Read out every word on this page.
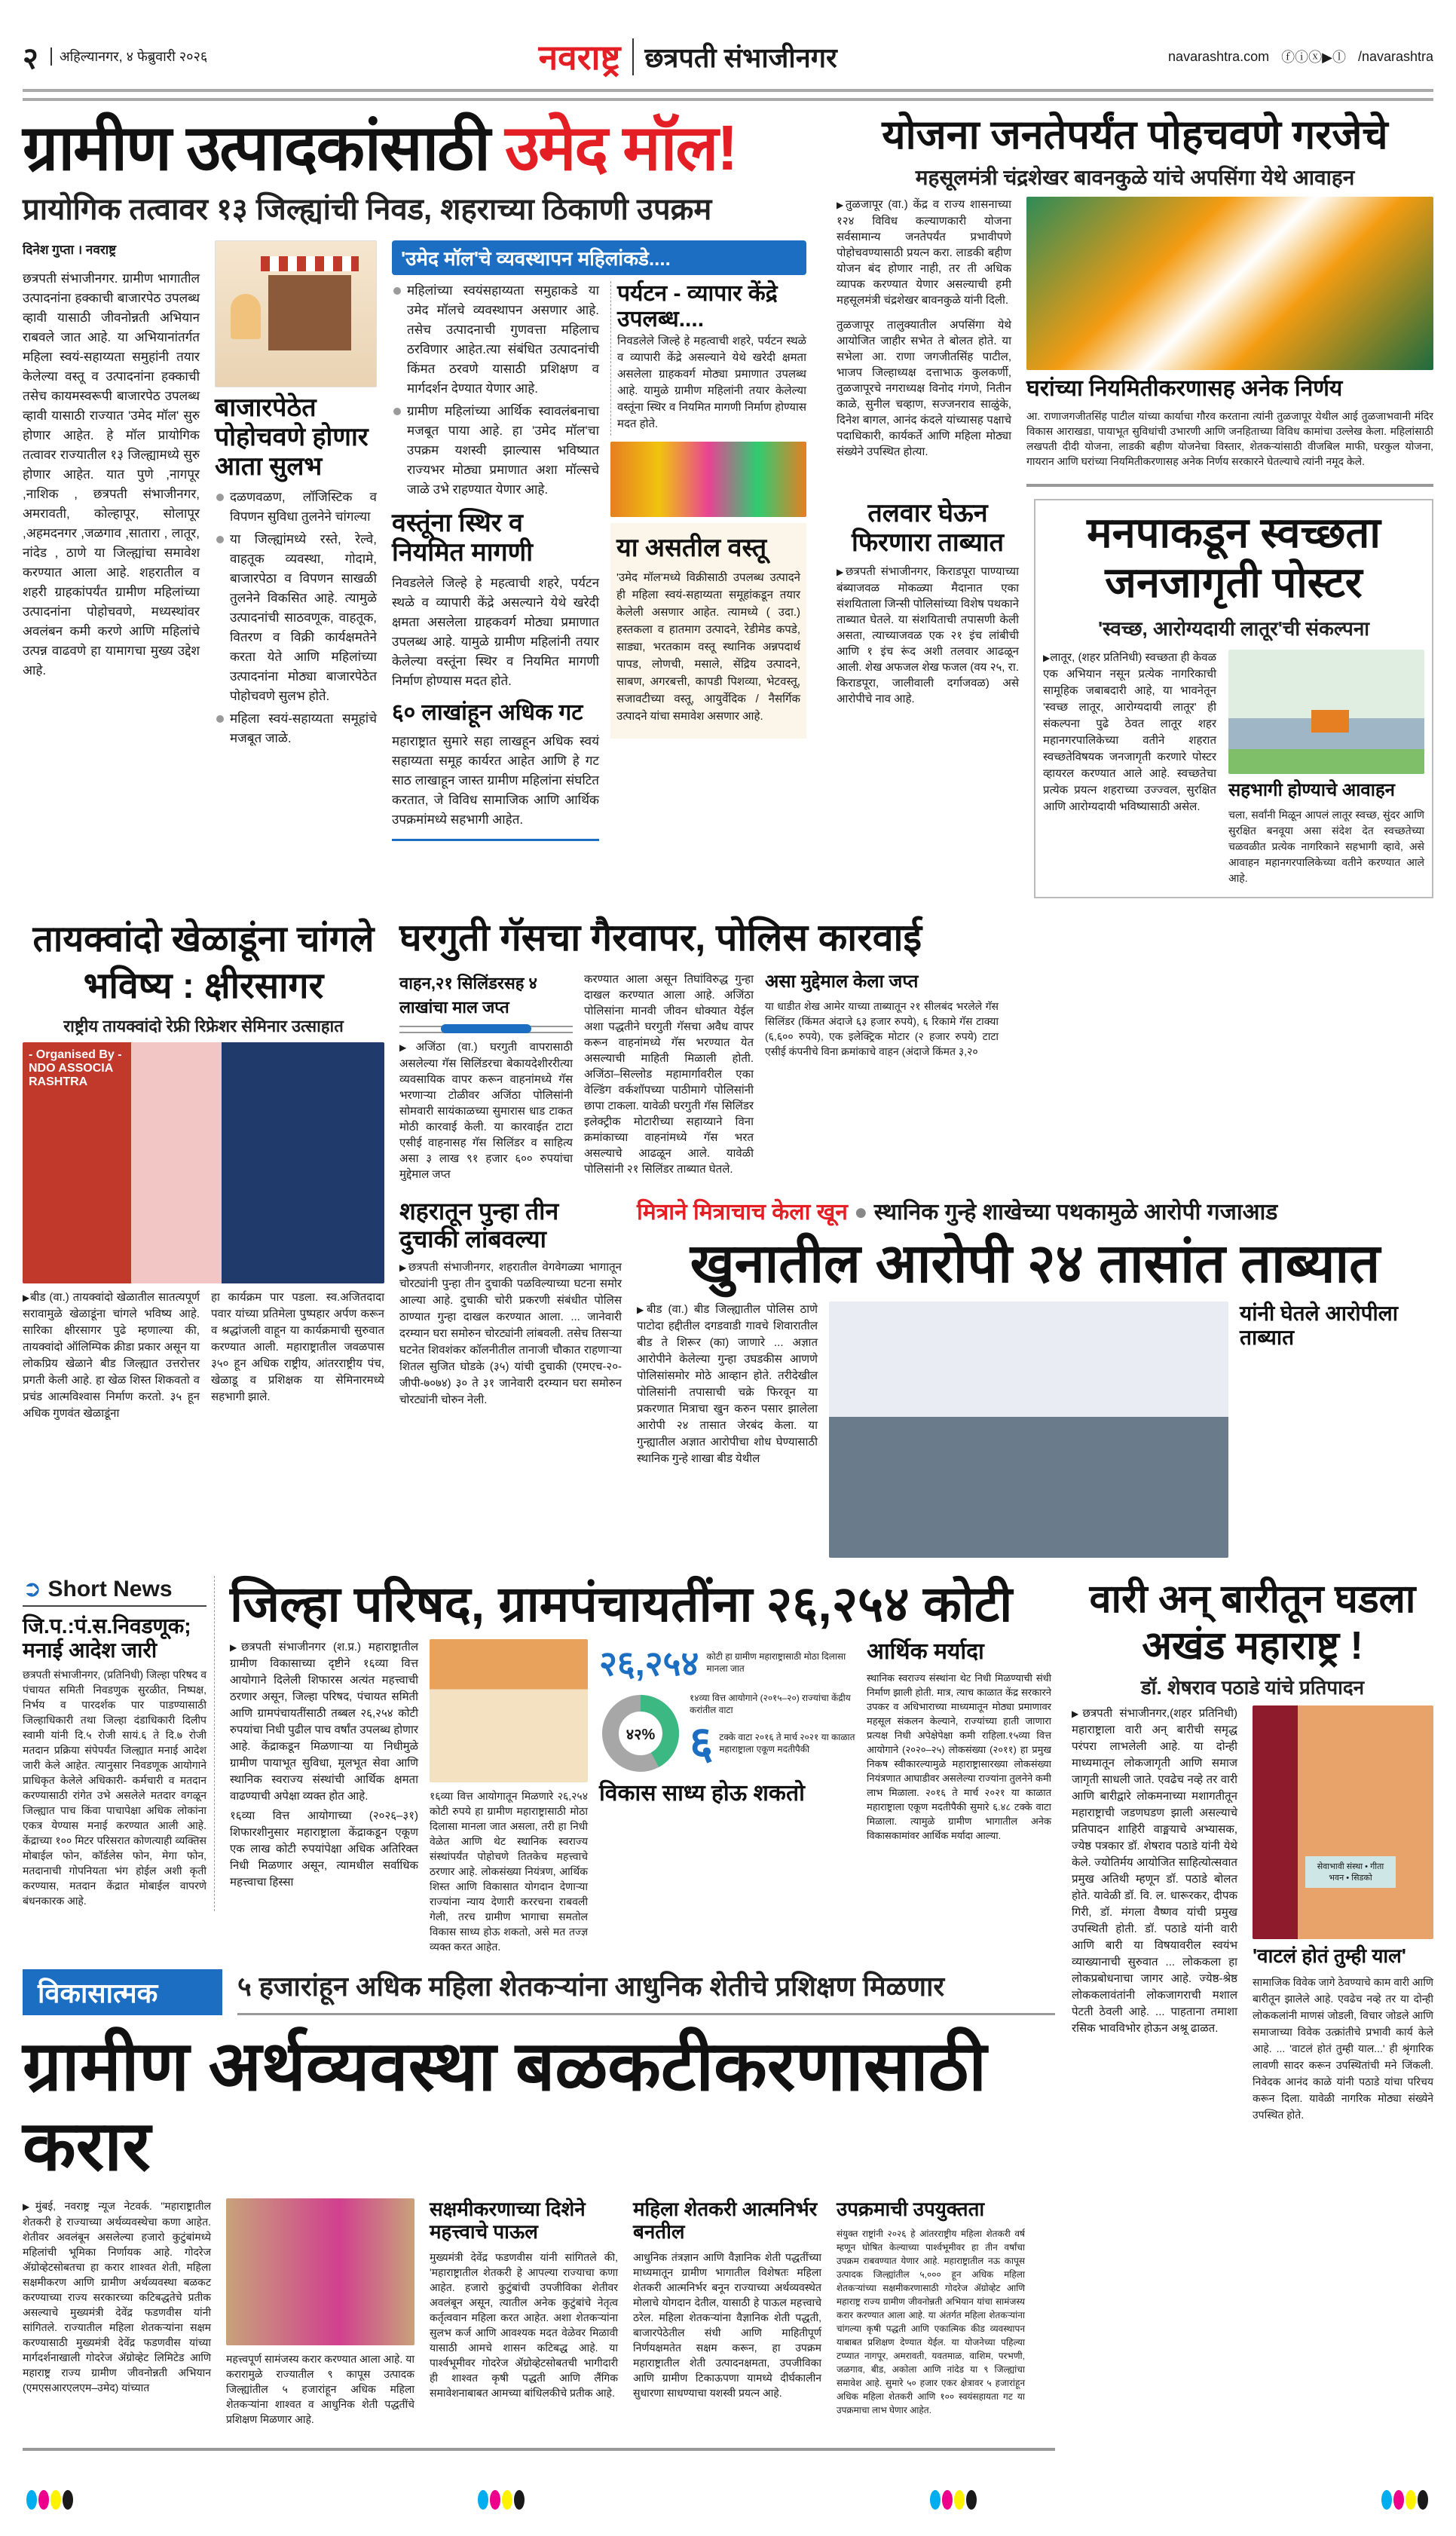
२	अहिल्यानगर, ४ फेब्रुवारी २०२६	नवराष्ट्र छत्रपती संभाजीनगर	navarashtra.com ⓕⓘⓧ▶ⓛ /navarashtra
ग्रामीण उत्पादकांसाठी उमेद मॉल!
प्रायोगिक तत्वावर १३ जिल्ह्यांची निवड, शहराच्या ठिकाणी उपक्रम

दिनेश गुप्ता । नवराष्ट्र

छत्रपती संभाजीनगर. ग्रामीण भागातील उत्पादनांना हक्काची बाजारपेठ उपलब्ध व्हावी यासाठी जीवनोन्नती अभियान राबवले जात आहे. या अभियानांतर्गत महिला स्वयं-सहाय्यता समुहांनी तयार केलेल्या वस्तू व उत्पादनांना हक्काची तसेच कायमस्वरूपी बाजारपेठ उपलब्ध व्हावी यासाठी राज्यात 'उमेद मॉल' सुरु होणार आहेत. हे मॉल प्रायोगिक तत्वावर राज्यातील १३ जिल्ह्यामध्ये सुरु होणार आहेत. यात पुणे ,नागपूर ,नाशिक , छत्रपती संभाजीनगर, अमरावती, कोल्हापूर, सोलापूर ,अहमदनगर ,जळगाव ,सातारा , लातूर, नांदेड , ठाणे या जिल्ह्यांचा समावेश करण्यात आला आहे. शहरातील व शहरी ग्राहकांपर्यंत ग्रामीण महिलांच्या उत्पादनांना पोहोचवणे, मध्यस्थांवर अवलंबन कमी करणे आणि महिलांचे उत्पन्न वाढवणे हा यामागचा मुख्य उद्देश आहे.

बाजारपेठेत पोहोचवणे होणार आता सुलभ

दळणवळण, लॉजिस्टिक व विपणन सुविधा तुलनेने चांगल्या

या जिल्ह्यांमध्ये रस्ते, रेल्वे, वाहतूक व्यवस्था, गोदामे, बाजारपेठा व विपणन साखळी तुलनेने विकसित आहे. त्यामुळे उत्पादनांची साठवणूक, वाहतूक, वितरण व विक्री कार्यक्षमतेने करता येते आणि महिलांच्या उत्पादनांना मोठ्या बाजारपेठेत पोहोचवणे सुलभ होते.

महिला स्वयं-सहाय्यता समूहांचे मजबूत जाळे.

'उमेद मॉल'चे व्यवस्थापन महिलांकडे....

महिलांच्या स्वयंसहाय्यता समुहाकडे या उमेद मॉलचे व्यवस्थापन असणार आहे. तसेच उत्पादनाची गुणवत्ता महिलाच ठरविणार आहेत.त्या संबंधित उत्पादनांची किंमत ठरवणे यासाठी प्रशिक्षण व मार्गदर्शन देण्यात येणार आहे.

ग्रामीण महिलांच्या आर्थिक स्वावलंबनाचा मजबूत पाया आहे. हा 'उमेद मॉल'चा उपक्रम यशस्वी झाल्यास भविष्यात राज्यभर मोठ्या प्रमाणात अशा मॉल्सचे जाळे उभे राहण्यात येणार आहे.

वस्तूंना स्थिर व नियमित मागणी

निवडलेले जिल्हे हे महत्वाची शहरे, पर्यटन स्थळे व व्यापारी केंद्रे असल्याने येथे खरेदी क्षमता असलेला ग्राहकवर्ग मोठ्या प्रमाणात उपलब्ध आहे. यामुळे ग्रामीण महिलांनी तयार केलेल्या वस्तूंना स्थिर व नियमित मागणी निर्माण होण्यास मदत होते.

६० लाखांहून अधिक गट

महाराष्ट्रात सुमारे सहा लाखहून अधिक स्वयं सहाय्यता समूह कार्यरत आहेत आणि हे गट साठ लाखाहून जास्त ग्रामीण महिलांना संघटित करतात, जे विविध सामाजिक आणि आर्थिक उपक्रमांमध्ये सहभागी आहेत.

पर्यटन - व्यापार केंद्रे उपलब्ध....

निवडलेले जिल्हे हे महत्वाची शहरे, पर्यटन स्थळे व व्यापारी केंद्रे असल्याने येथे खरेदी क्षमता असलेला ग्राहकवर्ग मोठ्या प्रमाणात उपलब्ध आहे. यामुळे ग्रामीण महिलांनी तयार केलेल्या वस्तूंना स्थिर व नियमित मागणी निर्माण होण्यास मदत होते.

या असतील वस्तू

'उमेद मॉल'मध्ये विक्रीसाठी उपलब्ध उत्पादने ही महिला स्वयं-सहाय्यता समूहांकडून तयार केलेली असणार आहेत. त्यामध्ये ( उदा.) हस्तकला व हातमाग उत्पादने, रेडीमेड कपडे, साड्या, भरतकाम वस्तू स्थानिक अन्नपदार्थ पापड, लोणची, मसाले, सेंद्रिय उत्पादने, साबण, अगरबत्ती, कापडी पिशव्या, भेटवस्तू, सजावटीच्या वस्तू, आयुर्वेदिक / नैसर्गिक उत्पादने यांचा समावेश असणार आहे.

योजना जनतेपर्यंत पोहचवणे गरजेचे
महसूलमंत्री चंद्रशेखर बावनकुळे यांचे अपसिंगा येथे आवाहन

▶ तुळजापूर (वा.) केंद्र व राज्य शासनाच्या १२४ विविध कल्याणकारी योजना सर्वसामान्य जनतेपर्यंत प्रभावीपणे पोहोचवण्यासाठी प्रयत्न करा. लाडकी बहीण योजन बंद होणार नाही, तर ती अधिक व्यापक करण्यात येणार असल्याची हमी महसूलमंत्री चंद्रशेखर बावनकुळे यांनी दिली.

तुळजापूर तालुक्यातील अपसिंगा येथे आयोजित जाहीर सभेत ते बोलत होते. या सभेला आ. राणा जगजीतसिंह पाटील, भाजप जिल्हाध्यक्ष दत्ताभाऊ कुलकर्णी, तुळजापूरचे नगराध्यक्ष विनोद गंगणे, नितीन काळे, सुनील चव्हाण, सज्जनराव साळुंके, दिनेश बागल, आनंद कंदले यांच्यासह पक्षाचे पदाधिकारी, कार्यकर्ते आणि महिला मोठ्या संख्येने उपस्थित होत्या.

घरांच्या नियमितीकरणासह अनेक निर्णय

आ. राणाजगजीतसिंह पाटील यांच्या कार्याचा गौरव करताना त्यांनी तुळजापूर येथील आई तुळजाभवानी मंदिर विकास आराखडा, पायाभूत सुविधांची उभारणी आणि जनहिताच्या विविध कामांचा उल्लेख केला. महिलांसाठी लखपती दीदी योजना, लाडकी बहीण योजनेचा विस्तार, शेतकऱ्यांसाठी वीजबिल माफी, घरकुल योजना, गायरान आणि घरांच्या नियमितीकरणासह अनेक निर्णय सरकारने घेतल्याचे त्यांनी नमूद केले.

तलवार घेऊन फिरणारा ताब्यात

▶ छत्रपती संभाजीनगर, किराडपूरा पाण्याच्या बंब्याजवळ मोकळ्या मैदानात एका संशयिताला जिन्सी पोलिसांच्या विशेष पथकाने ताब्यात घेतले. या संशयिताची तपासणी केली असता, त्याच्याजवळ एक २१ इंच लांबीची आणि १ इंच रूंद अशी तलवार आढळून आली. शेख अफजल शेख फजल (वय २५, रा. किराडपूरा, जालीवाली दर्गाजवळ) असे आरोपीचे नाव आहे.

मनपाकडून स्वच्छता जनजागृती पोस्टर
'स्वच्छ, आरोग्यदायी लातूर'ची संकल्पना

▶ लातूर, (शहर प्रतिनिधी) स्वच्छता ही केवळ एक अभियान नसून प्रत्येक नागरिकाची सामूहिक जबाबदारी आहे, या भावनेतून 'स्वच्छ लातूर, आरोग्यदायी लातूर' ही संकल्पना पुढे ठेवत लातूर शहर महानगरपालिकेच्या वतीने शहरात स्वच्छतेविषयक जनजागृती करणारे पोस्टर व्हायरल करण्यात आले आहे. स्वच्छतेचा प्रत्येक प्रयत्न शहराच्या उज्ज्वल, सुरक्षित आणि आरोग्यदायी भविष्यासाठी असेल.

सहभागी होण्याचे आवाहन

चला, सर्वांनी मिळून आपलं लातूर स्वच्छ, सुंदर आणि सुरक्षित बनवूया असा संदेश देत स्वच्छतेच्या चळवळीत प्रत्येक नागरिकाने सहभागी व्हावे, असे आवाहन महानगरपालिकेच्या वतीने करण्यात आले आहे.

तायक्वांदो खेळाडूंना चांगले भविष्य : क्षीरसागर
राष्ट्रीय तायक्वांदो रेफ्री रिफ्रेशर सेमिनार उत्साहात
- Organised By - NDO ASSOCIA RASHTRA

▶ बीड (वा.) तायक्वांदो खेळातील सातत्यपूर्ण सरावामुळे खेळाडूंना चांगले भविष्य आहे. सारिका क्षीरसागर पुढे म्हणाल्या की, तायक्वांदो ऑलिम्पिक क्रीडा प्रकार असून या लोकप्रिय खेळाने बीड जिल्ह्यात उत्तरोत्तर प्रगती केली आहे. हा खेळ शिस्त शिकवतो व प्रचंड आत्मविश्वास निर्माण करतो. ३५ हून अधिक गुणवंत खेळाडूंना

हा कार्यक्रम पार पडला. स्व.अजितदादा पवार यांच्या प्रतिमेला पुष्पहार अर्पण करून व श्रद्धांजली वाहून या कार्यक्रमाची सुरुवात करण्यात आली. महाराष्ट्रातील जवळपास ३५० हून अधिक राष्ट्रीय, आंतरराष्ट्रीय पंच, खेळाडू व प्रशिक्षक या सेमिनारमध्ये सहभागी झाले.

घरगुती गॅसचा गैरवापर, पोलिस कारवाई
वाहन,२१ सिलिंडरसह ४ लाखांचा माल जप्त

▶ अजिंठा (वा.) घरगुती वापरासाठी असलेल्या गॅस सिलिंडरचा बेकायदेशीररीत्या व्यवसायिक वापर करून वाहनांमध्ये गॅस भरणाऱ्या टोळीवर अजिंठा पोलिसांनी सोमवारी सायंकाळच्या सुमारास धाड टाकत मोठी कारवाई केली. या कारवाईत टाटा एसीई वाहनासह गॅस सिलिंडर व साहित्य असा ३ लाख ९१ हजार ६०० रुपयांचा मुद्देमाल जप्त

करण्यात आला असून तिघांविरुद्ध गुन्हा दाखल करण्यात आला आहे. अजिंठा पोलिसांना मानवी जीवन धोक्यात येईल अशा पद्धतीने घरगुती गॅसचा अवैध वापर करून वाहनांमध्ये गॅस भरण्यात येत असल्याची माहिती मिळाली होती. अजिंठा–सिल्लोड महामार्गावरील एका वेल्डिंग वर्कशॉपच्या पाठीमागे पोलिसांनी छापा टाकला. यावेळी घरगुती गॅस सिलिंडर इलेक्ट्रीक मोटारीच्या सहाय्याने विना क्रमांकाच्या वाहनांमध्ये गॅस भरत असल्याचे आढळून आले. यावेळी पोलिसांनी २१ सिलिंडर ताब्यात घेतले.

असा मुद्देमाल केला जप्त

या धाडीत शेख आमेर याच्या ताब्यातून २१ सीलबंद भरलेले गॅस सिलिंडर (किंमत अंदाजे ६३ हजार रुपये), ६ रिकामे गॅस टाक्या (६,६०० रुपये), एक इलेक्ट्रिक मोटार (२ हजार रुपये) टाटा एसीई कंपनीचे विना क्रमांकाचे वाहन (अंदाजे किंमत ३,२०

शहरातून पुन्हा तीन दुचाकी लांबवल्या

▶ छत्रपती संभाजीनगर, शहरातील वेगवेगळ्या भागातून चोरट्यांनी पुन्हा तीन दुचाकी पळविल्याच्या घटना समोर आल्या आहे. दुचाकी चोरी प्रकरणी संबंधीत पोलिस ठाण्यात गुन्हा दाखल करण्यात आला. ... जानेवारी दरम्यान घरा समोरुन चोरट्यांनी लांबवली. तसेच तिसऱ्या घटनेत शिवशंकर कॉलनीतील तानाजी चौकात राहणाऱ्या शितल सुजित घोडके (३५) यांची दुचाकी (एमएच-२०-जीपी-७०७४) ३० ते ३१ जानेवारी दरम्यान घरा समोरुन चोरट्यांनी चोरुन नेली.

मित्राने मित्राचाच केला खून ● स्थानिक गुन्हे शाखेच्या पथकामुळे आरोपी गजाआड
खुनातील आरोपी २४ तासांत ताब्यात

▶ बीड (वा.) बीड जिल्ह्यातील पोलिस ठाणे पाटोदा हद्दीतील दगडवाडी गावचे शिवारातील बीड ते शिरूर (का) जाणारे ... अज्ञात आरोपीने केलेल्या गुन्हा उघडकीस आणणे पोलिसांसमोर मोठे आव्हान होते. तरीदेखील पोलिसांनी तपासाची चक्रे फिरवून या प्रकरणात मित्राचा खुन करुन पसार झालेला आरोपी २४ तासात जेरबंद केला. या गुन्ह्यातील अज्ञात आरोपीचा शोध घेण्यासाठी स्थानिक गुन्हे शाखा बीड येथील

यांनी घेतले आरोपीला ताब्यात
➲ Short News
जि.प.:पं.स.निवडणूक; मनाई आदेश जारी

छत्रपती संभाजीनगर, (प्रतिनिधी) जिल्हा परिषद व पंचायत समिती निवडणुक सुरळीत, निष्पक्ष, निर्भय व पारदर्शक पार पाडण्यासाठी जिल्हाधिकारी तथा जिल्हा दंडाधिकारी दिलीप स्वामी यांनी दि.५ रोजी सायं.६ ते दि.७ रोजी मतदान प्रक्रिया संपेपर्यंत जिल्ह्यात मनाई आदेश जारी केले आहेत. त्यानुसार निवडणूक आयोगाने प्राधिकृत केलेले अधिकारी- कर्मचारी व मतदान करण्यासाठी रांगेत उभे असलेले मतदार वगळून जिल्ह्यात पाच किंवा पाचापेक्षा अधिक लोकांना एकत्र येण्यास मनाई करण्यात आली आहे. केंद्राच्या १०० मिटर परिसरात कोणत्याही व्यक्तिस मोबाईल फोन, कॉर्डलेस फोन, मेगा फोन, मतदानाची गोपनियता भंग होईल अशी कृती करण्यास, मतदान केंद्रात मोबाईल वापरणे बंधनकारक आहे.

जिल्हा परिषद, ग्रामपंचायतींना २६,२५४ कोटी

▶ छत्रपती संभाजीनगर (श.प्र.) महाराष्ट्रातील ग्रामीण विकासाच्या दृष्टीने १६व्या वित्त आयोगाने दिलेली शिफारस अत्यंत महत्त्वाची ठरणार असून, जिल्हा परिषद, पंचायत समिती आणि ग्रामपंचायतींसाठी तब्बल २६,२५४ कोटी रुपयांचा निधी पुढील पाच वर्षांत उपलब्ध होणार आहे. केंद्राकडून मिळणाऱ्या या निधीमुळे ग्रामीण पायाभूत सुविधा, मूलभूत सेवा आणि स्थानिक स्वराज्य संस्थांची आर्थिक क्षमता वाढण्याची अपेक्षा व्यक्त होत आहे.

१६व्या वित्त आयोगाच्या (२०२६–३१) शिफारशीनुसार महाराष्ट्राला केंद्राकडून एकूण एक लाख कोटी रुपयांपेक्षा अधिक अतिरिक्त निधी मिळणार असून, त्यामधील सर्वाधिक महत्त्वाचा हिस्सा

१६व्या वित्त आयोगातून मिळणारे २६,२५४ कोटी रुपये हा ग्रामीण महाराष्ट्रासाठी मोठा दिलासा मानला जात असला, तरी हा निधी वेळेत आणि थेट स्थानिक स्वराज्य संस्थांपर्यंत पोहोचणे तितकेच महत्त्वाचे ठरणार आहे. लोकसंख्या नियंत्रण, आर्थिक शिस्त आणि विकासात योगदान देणाऱ्या राज्यांना न्याय देणारी कररचना राबवली गेली, तरच ग्रामीण भागाचा समतोल विकास साध्य होऊ शकतो, असे मत तज्ज्ञ व्यक्त करत आहेत.

२६,२५४ कोटी हा ग्रामीण महाराष्ट्रासाठी मोठा दिलासा मानला जात
४२%
१४व्या वित्त आयोगाने (२०१५–२०) राज्यांचा केंद्रीय करांतील वाटा
६ टक्के वाटा २०१६ ते मार्च २०२१ या काळात महाराष्ट्राला एकूण मदतीपैकी
विकास साध्य होऊ शकतो
आर्थिक मर्यादा

स्थानिक स्वराज्य संस्थांना थेट निधी मिळण्याची संधी निर्माण झाली होती. मात्र, त्याच काळात केंद्र सरकारने उपकर व अधिभाराच्या माध्यमातून मोठ्या प्रमाणावर महसूल संकलन केल्याने, राज्यांच्या हाती जाणारा प्रत्यक्ष निधी अपेक्षेपेक्षा कमी राहिला.१५व्या वित्त आयोगाने (२०२०–२५) लोकसंख्या (२०११) हा प्रमुख निकष स्वीकारल्यामुळे महाराष्ट्रासारख्या लोकसंख्या नियंत्रणात आघाडीवर असलेल्या राज्यांना तुलनेने कमी लाभ मिळाला. २०१६ ते मार्च २०२१ या काळात महाराष्ट्राला एकूण मदतीपैकी सुमारे ६.४८ टक्के वाटा मिळाला. त्यामुळे ग्रामीण भागातील अनेक विकासकामांवर आर्थिक मर्यादा आल्या.

विकासात्मक	५ हजारांहून अधिक महिला शेतकऱ्यांना आधुनिक शेतीचे प्रशिक्षण मिळणार
ग्रामीण अर्थव्यवस्था बळकटीकरणासाठी करार

▶ मुंबई, नवराष्ट्र न्यूज नेटवर्क. "महाराष्ट्रातील शेतकरी हे राज्याच्या अर्थव्यवस्थेचा कणा आहेत. शेतीवर अवलंबून असलेल्या हजारो कुटुंबांमध्ये महिलांची भूमिका निर्णायक आहे. गोदरेज ॲग्रोव्हेटसोबतचा हा करार शाश्वत शेती, महिला सक्षमीकरण आणि ग्रामीण अर्थव्यवस्था बळकट करण्याच्या राज्य सरकारच्या कटिबद्धतेचे प्रतीक असल्याचे मुख्यमंत्री देवेंद्र फडणवीस यांनी सांगितले. राज्यातील महिला शेतकऱ्यांना सक्षम करण्यासाठी मुख्यमंत्री देवेंद्र फडणवीस यांच्या मार्गदर्शनाखाली गोदरेज ॲग्रोव्हेट लिमिटेड आणि महाराष्ट्र राज्य ग्रामीण जीवनोन्नती अभियान (एमएसआरएलएम–उमेद) यांच्यात

महत्त्वपूर्ण सामंजस्य करार करण्यात आला आहे. या करारामुळे राज्यातील ९ कापूस उत्पादक जिल्ह्यांतील ५ हजारांहून अधिक महिला शेतकऱ्यांना शाश्वत व आधुनिक शेती पद्धतींचे प्रशिक्षण मिळणार आहे.

सक्षमीकरणाच्या दिशेने महत्त्वाचे पाऊल

मुख्यमंत्री देवेंद्र फडणवीस यांनी सांगितले की, 'महाराष्ट्रातील शेतकरी हे आपल्या राज्याचा कणा आहेत. हजारो कुटुंबांची उपजीविका शेतीवर अवलंबून असून, त्यातील अनेक कुटुंबांचे नेतृत्व कर्तृत्ववान महिला करत आहेत. अशा शेतकऱ्यांना सुलभ कर्ज आणि आवश्यक मदत वेळेवर मिळावी यासाठी आमचे शासन कटिबद्ध आहे. या पार्श्वभूमीवर गोदरेज ॲग्रोव्हेटसोबतची भागीदारी ही शाश्वत कृषी पद्धती आणि लैंगिक समावेशनाबाबत आमच्या बांधिलकीचे प्रतीक आहे.

महिला शेतकरी आत्मनिर्भर बनतील

आधुनिक तंत्रज्ञान आणि वैज्ञानिक शेती पद्धतींच्या माध्यमातून ग्रामीण भागातील विशेषतः महिला शेतकरी आत्मनिर्भर बनून राज्याच्या अर्थव्यवस्थेत मोलाचे योगदान देतील, यासाठी हे पाऊल महत्त्वाचे ठरेल. महिला शेतकऱ्यांना वैज्ञानिक शेती पद्धती, बाजारपेठेतील संधी आणि माहितीपूर्ण निर्णयक्षमतेत सक्षम करून, हा उपक्रम महाराष्ट्रातील शेती उत्पादनक्षमता, उपजीविका आणि ग्रामीण टिकाऊपणा यामध्ये दीर्घकालीन सुधारणा साधण्याचा यशस्वी प्रयत्न आहे.

उपक्रमाची उपयुक्तता

संयुक्त राष्ट्रांनी २०२६ हे आंतरराष्ट्रीय महिला शेतकरी वर्ष म्हणून घोषित केल्याच्या पार्श्वभूमीवर हा तीन वर्षांचा उपक्रम राबवण्यात येणार आहे. महाराष्ट्रातील नऊ कापूस उत्पादक जिल्ह्यांतील ५,००० हून अधिक महिला शेतकऱ्यांच्या सक्षमीकरणासाठी गोदरेज ॲग्रोव्हेट आणि महाराष्ट्र राज्य ग्रामीण जीवनोन्नती अभियान यांचा सामंजस्य करार करण्यात आला आहे. या अंतर्गत महिला शेतकऱ्यांना चांगल्या कृषी पद्धती आणि एकात्मिक कीड व्यवस्थापन याबाबत प्रशिक्षण देण्यात येईल. या योजनेच्या पहिल्या टप्प्यात नागपूर, अमरावती, यवतमाळ, वाशिम, परभणी, जळगाव, बीड, अकोला आणि नांदेड या ९ जिल्ह्यांचा समावेश आहे. सुमारे ५० हजार एकर क्षेत्रावर ५ हजारांहून अधिक महिला शेतकरी आणि १०० स्वयंसहायता गट या उपक्रमाचा लाभ घेणार आहेत.

वारी अन् बारीतून घडला अखंड महाराष्ट्र !
डॉ. शेषराव पठाडे यांचे प्रतिपादन

▶ छत्रपती संभाजीनगर,(शहर प्रतिनिधी) महाराष्ट्राला वारी अन् बारीची समृद्ध परंपरा लाभलेली आहे. या दोन्ही माध्यमातून लोकजागृती आणि समाज जागृती साधली जाते. एवढेच नव्हे तर वारी आणि बारीद्वारे लोकमनाच्या मशागतीतून महाराष्ट्राची जडणघडण झाली असल्याचे प्रतिपादन शाहिरी वाङ्मयाचे अभ्यासक, ज्येष्ठ पत्रकार डॉ. शेषराव पठाडे यांनी येथे केले. ज्योतिर्मय आयोजित साहित्योत्सवात प्रमुख अतिथी म्हणून डॉ. पठाडे बोलत होते. यावेळी डॉ. वि. ल. धारूरकर, दीपक गिरी, डॉ. मंगला वैष्णव यांची प्रमुख उपस्थिती होती. डॉ. पठाडे यांनी वारी आणि बारी या विषयावरील स्वयंभ व्याख्यानाची सुरुवात ... लोककला हा लोकप्रबोधनाचा जागर आहे. ज्येष्ठ-श्रेष्ठ लोककलावंतांनी लोकजागराची मशाल पेटती ठेवली आहे. ... पाहताना तमाशा रसिक भावविभोर होऊन अश्रू ढाळत.

सेवाभावी संस्था • गीता भवन • सिडको
'वाटलं होतं तुम्ही याल'

सामाजिक विवेक जागे ठेवण्याचे काम वारी आणि बारीतून झालेले आहे. एवढेच नव्हे तर या दोन्ही लोककलांनी माणसं जोडली, विचार जोडले आणि समाजाच्या विवेक उत्क्रांतीचे प्रभावी कार्य केले आहे. ... 'वाटलं होतं तुम्ही याल...' ही श्रृंगारिक लावणी सादर करून उपस्थितांची मने जिंकली. निवेदक आनंद काळे यांनी पठाडे यांचा परिचय करून दिला. यावेळी नागरिक मोठ्या संख्येने उपस्थित होते.
